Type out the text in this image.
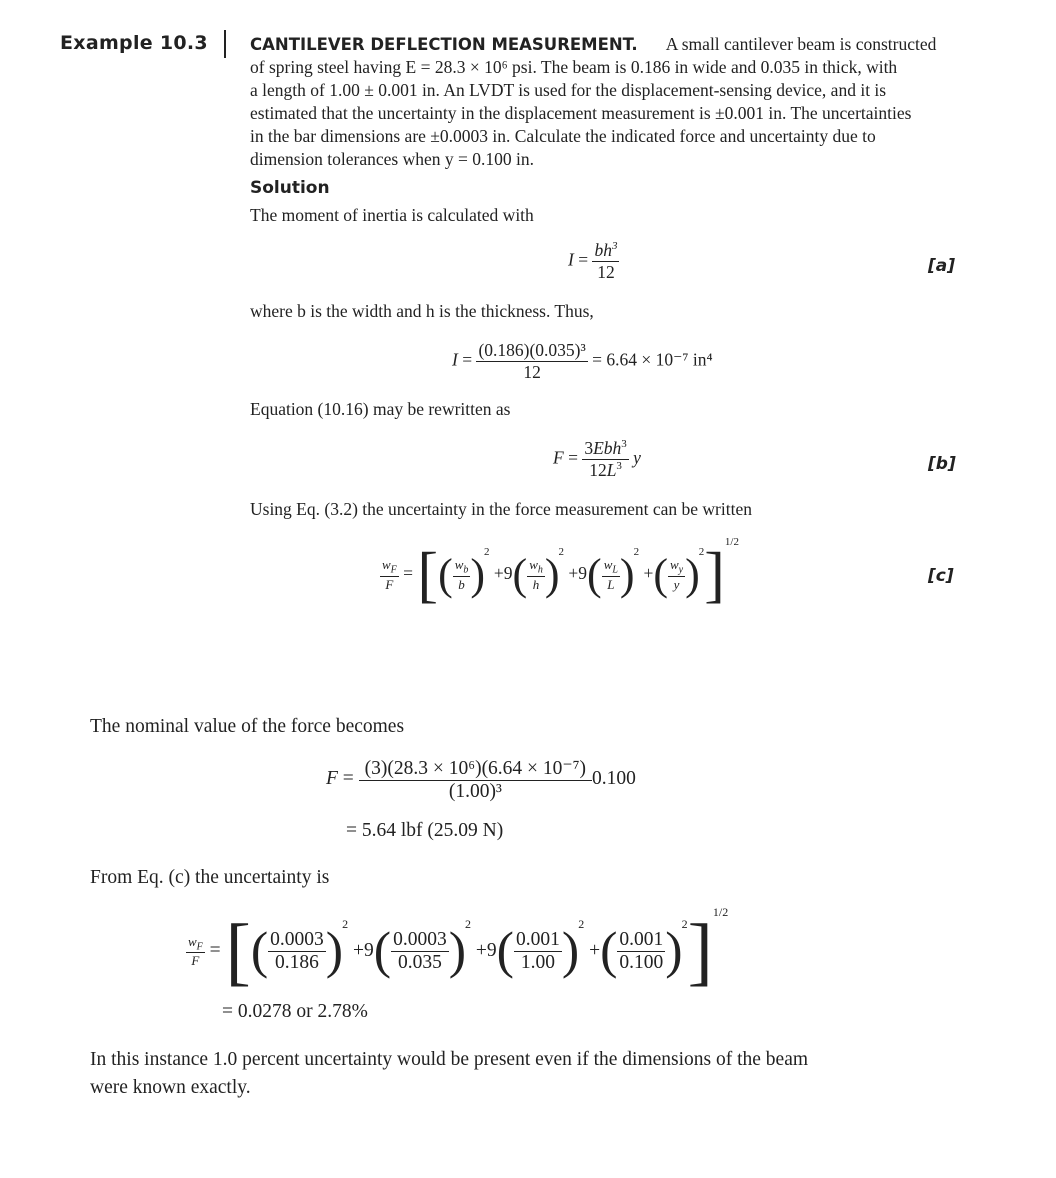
Example 10.3	CANTILEVER DEFLECTION MEASUREMENT. A small cantilever beam is constructed
of spring steel having E = 28.3 × 10⁶ psi. The beam is 0.186 in wide and 0.035 in thick, with
a length of 1.00 ± 0.001 in. An LVDT is used for the displacement-sensing device, and it is
estimated that the uncertainty in the displacement measurement is ±0.001 in. The uncertainties
in the bar dimensions are ±0.0003 in. Calculate the indicated force and uncertainty due to
dimension tolerances when y = 0.100 in.
Solution
The moment of inertia is calculated with
$I = \frac{bh^3}{12}$	[a]
where b is the width and h is the thickness. Thus,
$I = \frac{\text{(0.186)(0.035)³}}{12} = 6.64 \times 10^{-7}$ in⁴
Equation (10.16) may be rewritten as
$F = \frac{3Ebh^3}{12L^3}$ y	[b]
Using Eq. (3.2) the uncertainty in the force measurement can be written
$\frac{w_F}{F}$ = [( $\frac{w_b}{b} )^2 +9( \frac{w_h}{h} )^2 +9( \frac{w_L}{L} )^2$ +( $\frac{w_y}{y} )^2]^{1/2}$
[c]
The nominal value of the force becomes
$F = \frac{\text{(3)(28.3 × 10⁶)(6.64 × 10⁻⁷)}}{\text{(1.00)³}} 0.100$
= 5.64 lbf (25.09 N)
From Eq. (c) the uncertainty is
$\frac{w_F}{F}$ = [( $\frac{0.0003}{0.186} )^2 +9( \frac{0.0003}{0.035} )^2 +9( \frac{0.001}{1.00} )^2$ +( $\frac{0.001}{0.100} )^2]^{1/2}$
= 0.0278 or 2.78%
In this instance 1.0 percent uncertainty would be present even if the dimensions of the beam
were known exactly.
